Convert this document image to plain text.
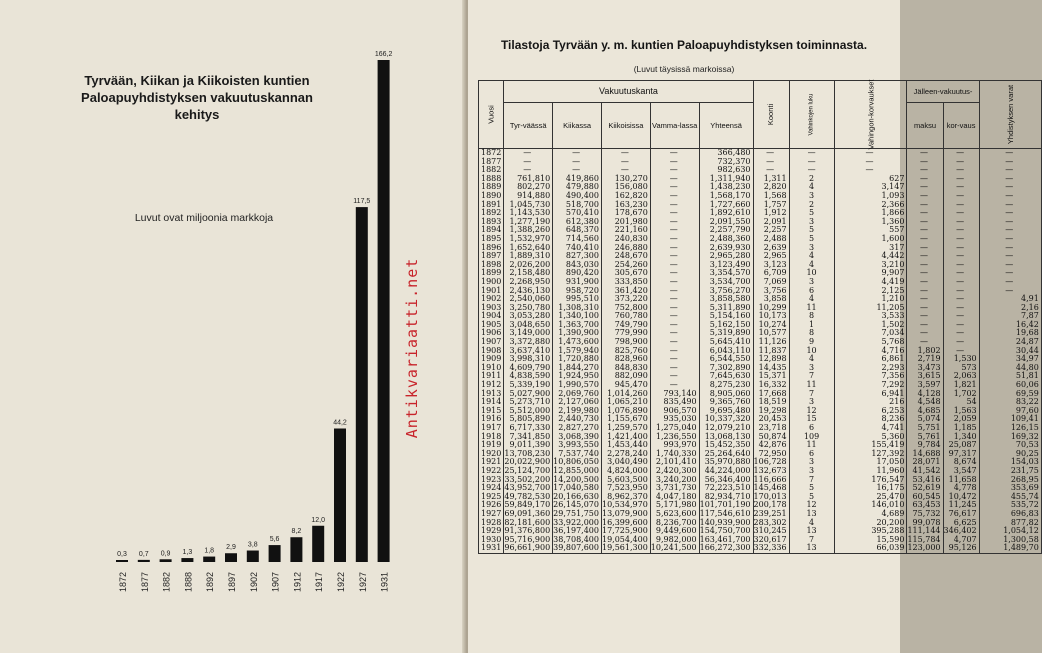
Tyrvään, Kiikan ja Kiikoisten kuntien
Paloapuyhdistyksen vakuutuskannan
kehitys
Luvut ovat miljoonia markkoja
0,3
1872
0,7
1877
0,9
1882
1,3
1888
1,8
1892
2,9
1897
3,8
1902
5,6
1907
8,2
1912
12,0
1917
44,2
1922
117,5
1927
166,2
1931
Antikvariaatti.net
Tilastoja Tyrvään y. m. kuntien Paloapuyhdistyksen toiminnasta.
(Luvut täysissä markoissa)
Vuosi	Vakuutuskanta					Koonti	Vahinkojen luku	Vahingon-korvaukset	Jälleen-vakuutus-		Yhdistyksen varat
	Tyr-väässä	Kiikassa	Kiikoisissa	Vamma-lassa	Yhteensä				maksu	kor-vaus	
1872	—	—	—	—	366,480	—	—	—	—	—	—
1877	—	—	—	—	732,370	—	—	—	—	—	—
1882	—	—	—	—	982,630	—	—	—	—	—	—
1888	761,810	419,860	130,270	—	1,311,940	1,311	2	627	—	—	—
1889	802,270	479,880	156,080	—	1,438,230	2,820	4	3,147	—	—	—
1890	914,880	490,400	162,820	—	1,568,170	1,568	3	1,093	—	—	—
1891	1,045,730	518,700	163,230	—	1,727,660	1,757	2	2,366	—	—	—
1892	1,143,530	570,410	178,670	—	1,892,610	1,912	5	1,866	—	—	—
1893	1,277,190	612,380	201,980	—	2,091,550	2,091	3	1,360	—	—	—
1894	1,388,260	648,370	221,160	—	2,257,790	2,257	5	557	—	—	—
1895	1,532,970	714,560	240,830	—	2,488,360	2,488	5	1,600	—	—	—
1896	1,652,640	740,410	246,880	—	2,639,930	2,639	3	317	—	—	—
1897	1,889,310	827,300	248,670	—	2,965,280	2,965	4	4,442	—	—	—
1898	2,026,200	843,030	254,260	—	3,123,490	3,123	4	3,210	—	—	—
1899	2,158,480	890,420	305,670	—	3,354,570	6,709	10	9,907	—	—	—
1900	2,268,950	931,900	333,850	—	3,534,700	7,069	3	4,419	—	—	—
1901	2,436,130	958,720	361,420	—	3,756,270	3,756	6	2,125	—	—	—
1902	2,540,060	995,510	373,220	—	3,858,580	3,858	4	1,210	—	—	4,91
1903	3,250,780	1,308,310	752,800	—	5,311,890	10,299	11	11,205	—	—	2,16
1904	3,053,280	1,340,100	760,780	—	5,154,160	10,173	8	3,533	—	—	7,87
1905	3,048,650	1,363,700	749,790	—	5,162,150	10,274	1	1,502	—	—	16,42
1906	3,149,000	1,390,900	779,990	—	5,319,890	10,577	8	7,034	—	—	19,68
1907	3,372,880	1,473,600	798,900	—	5,645,410	11,126	9	5,768	—	—	24,87
1908	3,637,410	1,579,940	825,760	—	6,043,110	11,837	10	4,716	1,802	—	30,44
1909	3,998,310	1,720,880	828,960	—	6,544,550	12,898	4	6,861	2,719	1,530	34,97
1910	4,609,790	1,844,270	848,830	—	7,302,890	14,435	3	2,293	3,473	573	44,80
1911	4,838,590	1,924,950	882,090	—	7,645,630	15,371	7	7,356	3,615	2,063	51,81
1912	5,339,190	1,990,570	945,470	—	8,275,230	16,332	11	7,292	3,597	1,821	60,06
1913	5,027,900	2,069,760	1,014,260	793,140	8,905,060	17,668	7	6,941	4,128	1,702	69,59
1914	5,273,710	2,127,060	1,065,210	835,490	9,365,760	18,519	3	216	4,548	54	83,22
1915	5,512,000	2,199,980	1,076,890	906,570	9,695,480	19,298	12	6,253	4,685	1,563	97,60
1916	5,805,890	2,440,730	1,155,670	935,030	10,337,320	20,453	15	8,236	5,074	2,059	109,41
1917	6,717,330	2,827,270	1,259,570	1,275,040	12,079,210	23,718	6	4,741	5,751	1,185	126,15
1918	7,341,850	3,068,390	1,421,400	1,236,550	13,068,130	50,874	109	5,360	5,761	1,340	169,32
1919	9,011,390	3,993,550	1,453,440	993,970	15,452,350	42,876	11	155,419	9,784	25,087	70,53
1920	13,708,230	7,537,740	2,278,240	1,740,330	25,264,640	72,950	6	127,392	14,688	97,317	90,25
1921	20,022,900	10,806,050	3,040,490	2,101,410	35,970,880	106,728	3	17,050	28,071	8,674	154,03
1922	25,124,700	12,855,000	4,824,000	2,420,300	44,224,000	132,673	3	11,960	41,542	3,547	231,75
1923	33,502,200	14,200,500	5,603,500	3,240,200	56,346,400	116,666	7	176,547	53,416	11,658	268,95
1924	43,952,700	17,040,580	7,523,950	3,731,730	72,223,510	145,468	5	16,175	52,619	4,778	353,69
1925	49,782,530	20,166,630	8,962,370	4,047,180	82,934,710	170,013	5	25,470	60,545	10,472	455,74
1926	59,849,170	26,145,070	10,534,970	5,171,980	101,701,190	200,178	12	146,010	63,453	11,245	535,72
1927	69,091,360	29,751,750	13,079,900	5,623,600	117,546,610	239,251	13	4,689	75,732	76,617	696,83
1928	82,181,600	33,922,000	16,399,600	8,236,700	140,939,900	283,302	4	20,200	99,078	6,625	877,82
1929	91,376,800	36,197,400	17,725,900	9,449,600	154,750,700	310,245	13	395,288	111,144	346,402	1,054,12
1930	95,716,900	38,708,400	19,054,400	9,982,000	163,461,700	320,617	7	15,590	115,784	4,707	1,300,58
1931	96,661,900	39,807,600	19,561,300	10,241,500	166,272,300	332,336	13	66,039	123,000	95,126	1,489,70
